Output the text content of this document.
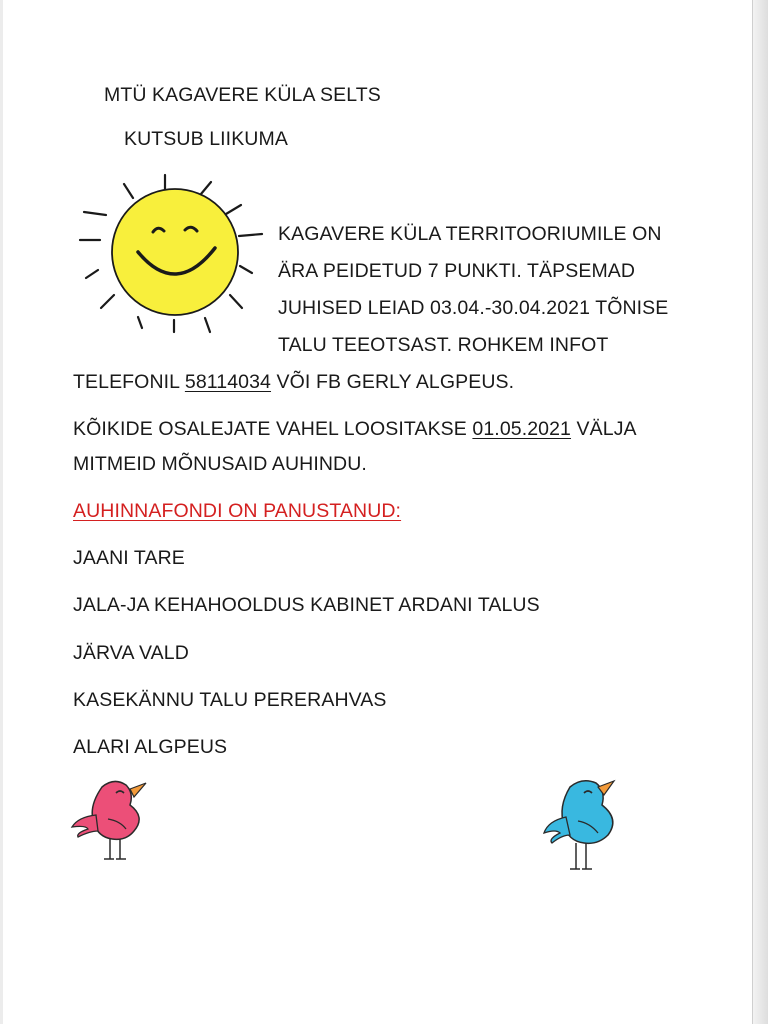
MTÜ KAGAVERE KÜLA SELTS
KUTSUB LIIKUMA
KAGAVERE KÜLA TERRITOORIUMILE ON
ÄRA PEIDETUD 7 PUNKTI. TÄPSEMAD
JUHISED LEIAD 03.04.-30.04.2021 TÕNISE
TALU TEEOTSAST. ROHKEM INFOT
TELEFONIL 58114034 VÕI FB GERLY ALGPEUS.
KÕIKIDE OSALEJATE VAHEL LOOSITAKSE 01.05.2021 VÄLJA
MITMEID MÕNUSAID AUHINDU.
AUHINNAFONDI ON PANUSTANUD:
JAANI TARE
JALA-JA KEHAHOOLDUS KABINET ARDANI TALUS
JÄRVA VALD
KASEKÄNNU TALU PERERAHVAS
ALARI ALGPEUS
